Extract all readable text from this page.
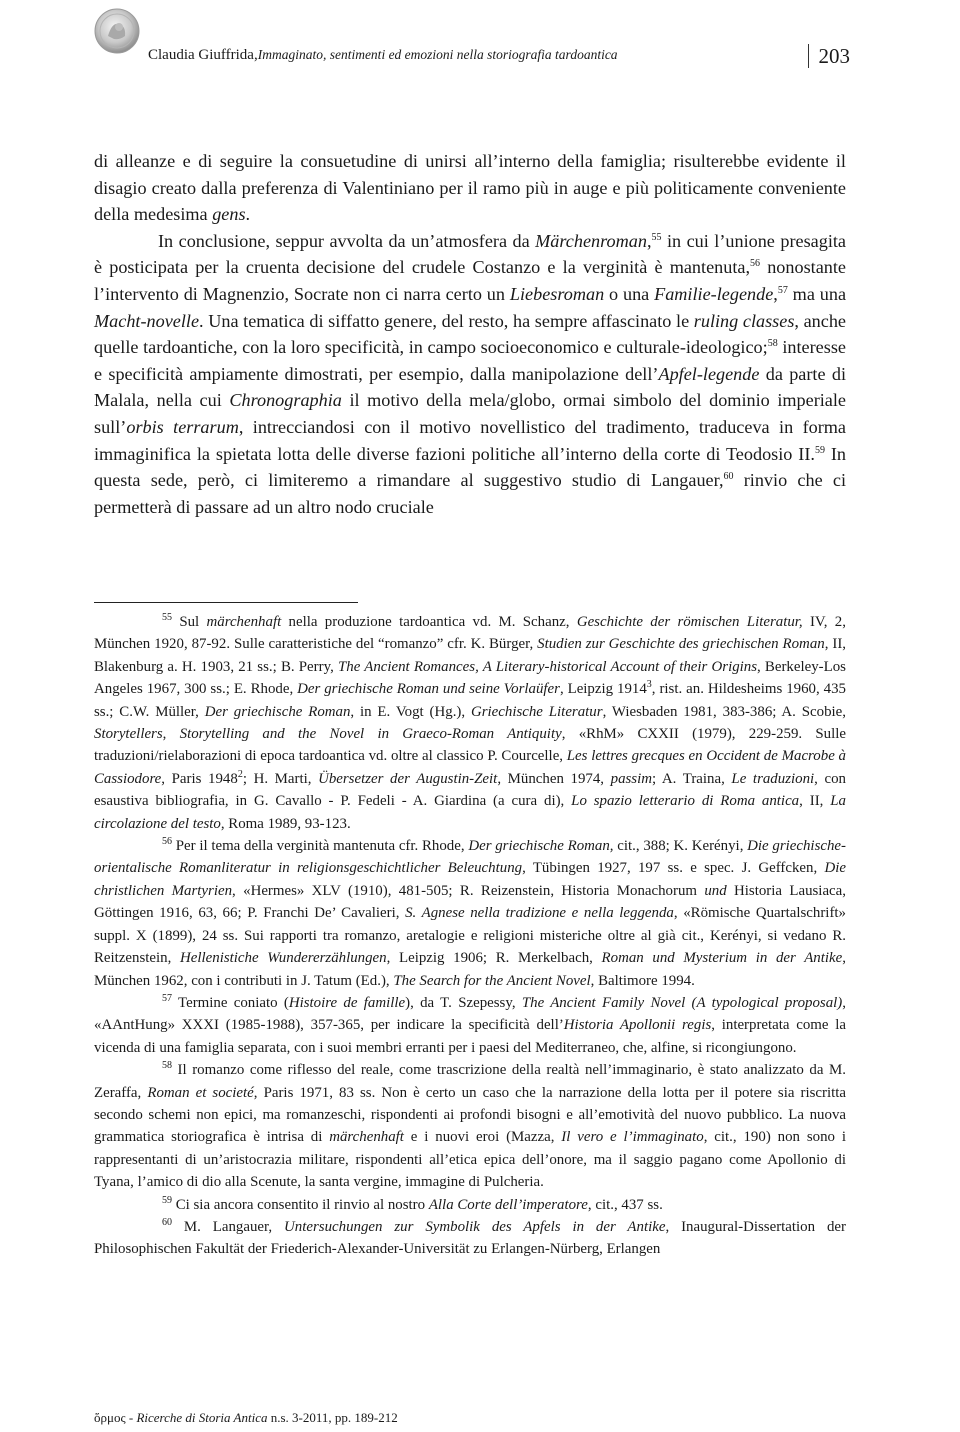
Claudia Giuffrida,Immaginato, sentimenti ed emozioni nella storiografia tardoantica	203

di alleanze e di seguire la consuetudine di unirsi all’interno della famiglia; risulterebbe evidente il disagio creato dalla preferenza di Valentiniano per il ramo più in auge e più politicamente conveniente della medesima gens.

In conclusione, seppur avvolta da un’atmosfera da Märchenroman,$^{55}$ in cui l’unione presagita è posticipata per la cruenta decisione del crudele Costanzo e la verginità è mantenuta,$^{56}$ nonostante l’intervento di Magnenzio, Socrate non ci narra certo un Liebesroman o una Familie-legende,$^{57}$ ma una Macht-novelle. Una tematica di siffatto genere, del resto, ha sempre affascinato le ruling classes, anche quelle tardoantiche, con la loro specificità, in campo socioeconomico e culturale-ideologico;$^{58}$ interesse e specificità ampiamente dimostrati, per esempio, dalla manipolazione dell’Apfel-legende da parte di Malala, nella cui Chronographia il motivo della mela/globo, ormai simbolo del dominio imperiale sull’orbis terrarum, intrecciandosi con il motivo novellistico del tradimento, traduceva in forma immaginifica la spietata lotta delle diverse fazioni politiche all’interno della corte di Teodosio II.$^{59}$ In questa sede, però, ci limiteremo a rimandare al suggestivo studio di Langauer,$^{60}$ rinvio che ci permetterà di passare ad un altro nodo cruciale

$^{55}$ Sul märchenhaft nella produzione tardoantica vd. M. Schanz, Geschichte der römischen Literatur, IV, 2, München 1920, 87-92. Sulle caratteristiche del “romanzo” cfr. K. Bürger, Studien zur Geschichte des griechischen Roman, II, Blakenburg a. H. 1903, 21 ss.; B. Perry, The Ancient Romances, A Literary-historical Account of their Origins, Berkeley-Los Angeles 1967, 300 ss.; E. Rhode, Der griechische Roman und seine Vorlaüfer, Leipzig 1914$^3$, rist. an. Hildesheims 1960, 435 ss.; C.W. Müller, Der griechische Roman, in E. Vogt (Hg.), Griechische Literatur, Wiesbaden 1981, 383-386; A. Scobie, Storytellers, Storytelling and the Novel in Graeco-Roman Antiquity, «RhM» CXXII (1979), 229-259. Sulle traduzioni/rielaborazioni di epoca tardoantica vd. oltre al classico P. Courcelle, Les lettres grecques en Occident de Macrobe à Cassiodore, Paris 1948$^2$; H. Marti, Übersetzer der Augustin-Zeit, München 1974, passim; A. Traina, Le traduzioni, con esaustiva bibliografia, in G. Cavallo - P. Fedeli - A. Giardina (a cura di), Lo spazio letterario di Roma antica, II, La circolazione del testo, Roma 1989, 93-123.

$^{56}$ Per il tema della verginità mantenuta cfr. Rhode, Der griechische Roman, cit., 388; K. Kerényi, Die griechische-orientalische Romanliteratur in religionsgeschichtlicher Beleuchtung, Tübingen 1927, 197 ss. e spec. J. Geffcken, Die christlichen Martyrien, «Hermes» XLV (1910), 481-505; R. Reizenstein, Historia Monachorum und Historia Lausiaca, Göttingen 1916, 63, 66; P. Franchi De’ Cavalieri, S. Agnese nella tradizione e nella leggenda, «Römische Quartalschrift» suppl. X (1899), 24 ss. Sui rapporti tra romanzo, aretalogie e religioni misteriche oltre al già cit., Kerényi, si vedano R. Reitzenstein, Hellenistiche Wundererzählungen, Leipzig 1906; R. Merkelbach, Roman und Mysterium in der Antike, München 1962, con i contributi in J. Tatum (Ed.), The Search for the Ancient Novel, Baltimore 1994.

$^{57}$ Termine coniato (Histoire de famille), da T. Szepessy, The Ancient Family Novel (A typological proposal), «AAntHung» XXXI (1985-1988), 357-365, per indicare la specificità dell’Historia Apollonii regis, interpretata come la vicenda di una famiglia separata, con i suoi membri erranti per i paesi del Mediterraneo, che, alfine, si ricongiungono.

$^{58}$ Il romanzo come riflesso del reale, come trascrizione della realtà nell’immaginario, è stato analizzato da M. Zeraffa, Roman et societé, Paris 1971, 83 ss. Non è certo un caso che la narrazione della lotta per il potere sia riscritta secondo schemi non epici, ma romanzeschi, rispondenti ai profondi bisogni e all’emotività del nuovo pubblico. La nuova grammatica storiografica è intrisa di märchenhaft e i nuovi eroi (Mazza, Il vero e l’immaginato, cit., 190) non sono i rappresentanti di un’aristocrazia militare, rispondenti all’etica epica dell’onore, ma il saggio pagano come Apollonio di Tyana, l’amico di dio alla Scenute, la santa vergine, immagine di Pulcheria.

$^{59}$ Ci sia ancora consentito il rinvio al nostro Alla Corte dell’imperatore, cit., 437 ss.

$^{60}$ M. Langauer, Untersuchungen zur Symbolik des Apfels in der Antike, Inaugural-Dissertation der Philosophischen Fakultät der Friederich-Alexander-Universität zu Erlangen-Nürberg, Erlangen

ὅρμος - Ricerche di Storia Antica n.s. 3-2011, pp. 189-212
